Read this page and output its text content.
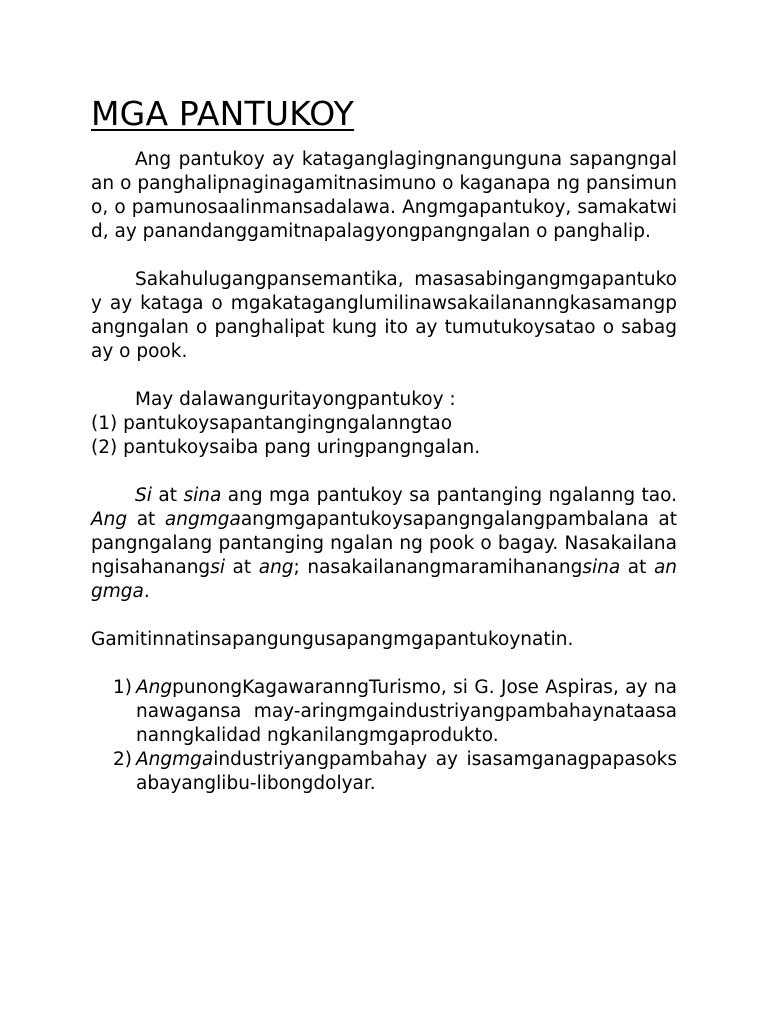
MGA PANTUKOY

Ang pantukoy ay kataganglagingnangunguna sapangngalan o panghalipnaginagamitnasimuno o kaganapa ng pansimuno, o pamunosaalinmansadalawa. Angmgapantukoy, samakatwid, ay panandanggamitnapalagyongpangngalan o panghalip.

Sakahulugangpansemantika, masasabingangmgapantukoy ay kataga o mgakataganglumilinawsakailananngkasamangpangngalan o panghalipat kung ito ay tumutukoysatao o sabagay o pook.

May dalawanguritayongpantukoy :

(1) pantukoysapantangingngalanngtao

(2) pantukoysaiba pang uringpangngalan.

Si at sina ang mga pantukoy sa pantanging ngalanng tao. Ang at angmgaangmgapantukoysapangngalangpambalana at pangngalang pantanging ngalan ng pook o bagay. Nasakailanangisahanangsi at ang; nasakailanangmaramihanangsina at angmga.

Gamitinnatinsapangungusapangmgapantukoynatin.

1) AngpunongKagawaranngTurismo, si G. Jose Aspiras, ay nanawagansa may-aringmgaindustriyangpambahaynataasananngkalidad ngkanilangmgaprodukto.
2) Angmgaindustriyangpambahay ay isasamganagpapasoksabayanglibu-libongdolyar.
